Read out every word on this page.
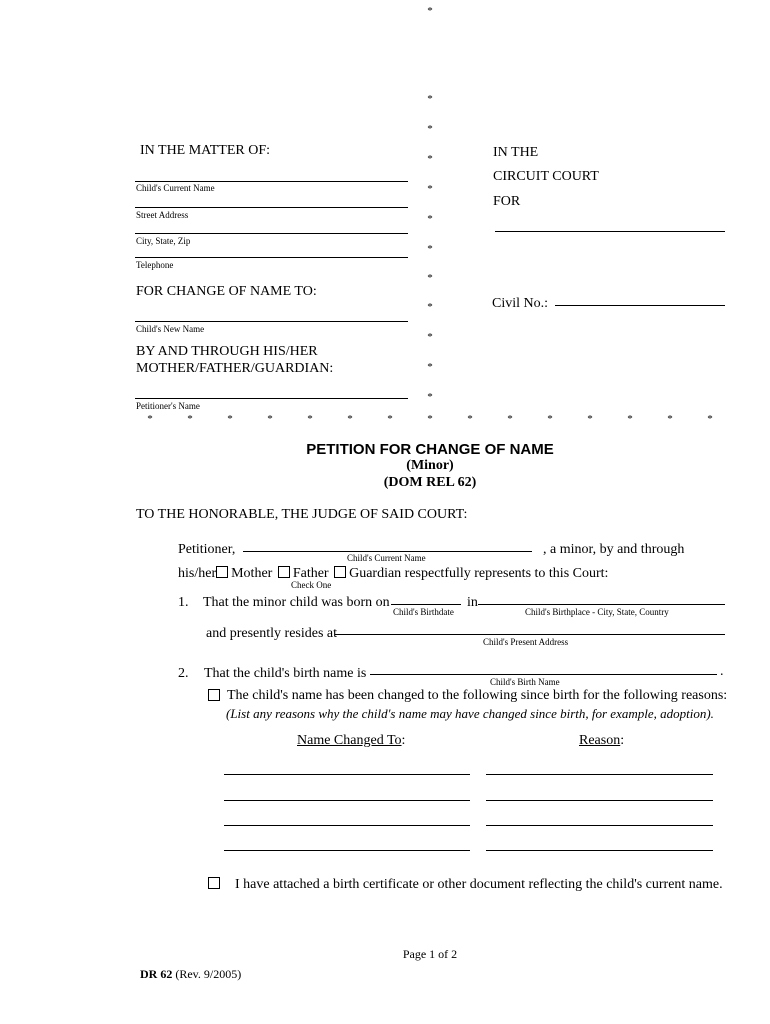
*
*
*
*
*
*
*
*
*
*
*
*
*	*	*	*	*	*	*	*	*	*	*	*	*	*	*
IN THE MATTER OF:
Child's Current Name
Street Address
City, State, Zip
Telephone
FOR CHANGE OF NAME TO:
Child's New Name
BY AND THROUGH HIS/HER
MOTHER/FATHER/GUARDIAN:
Petitioner's Name
IN THE
CIRCUIT COURT
FOR
Civil No.:
PETITION FOR CHANGE OF NAME
(Minor)
(DOM REL 62)
TO THE HONORABLE, THE JUDGE OF SAID COURT:
Petitioner,
Child's Current Name
, a minor, by and through
his/her Mother Father Guardian respectfully represents to this Court:
Check One
1. That the minor child was born on
Child's Birthdate
in
Child's Birthplace - City, State, Country
and presently resides at
Child's Present Address
2. That the child's birth name is
Child's Birth Name
.
The child's name has been changed to the following since birth for the following reasons:
(List any reasons why the child's name may have changed since birth, for example, adoption).
Name Changed To:	Reason:
I have attached a birth certificate or other document reflecting the child's current name.
Page 1 of 2
DR 62 (Rev. 9/2005)
